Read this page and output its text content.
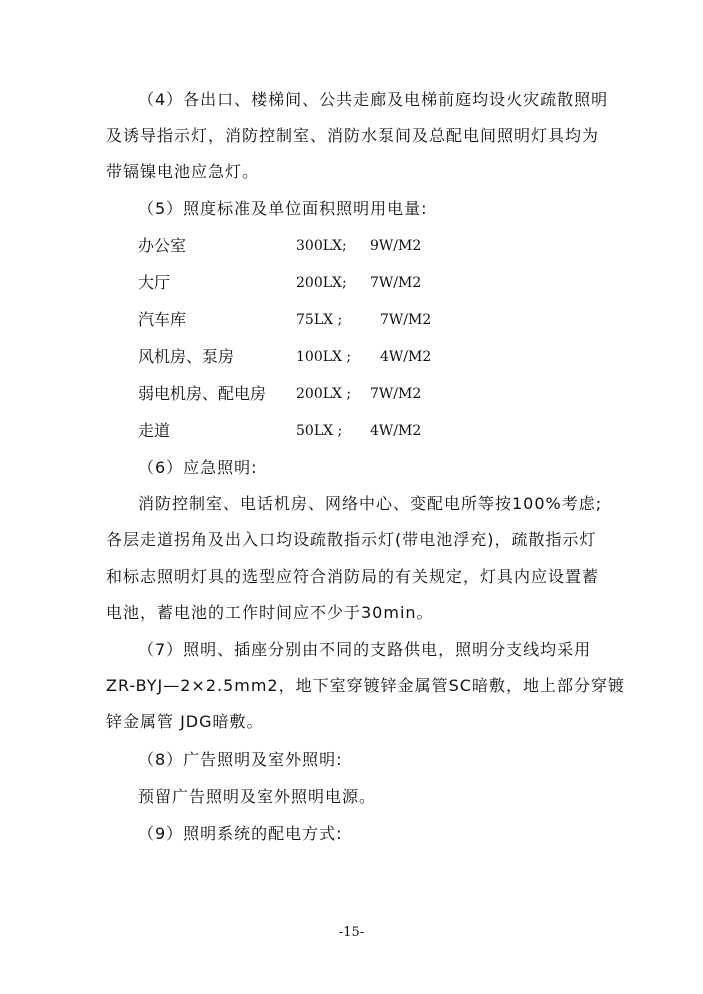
（4）各出口、楼梯间、公共走廊及电梯前庭均设火灾疏散照明
及诱导指示灯，消防控制室、消防水泵间及总配电间照明灯具均为
带镉镍电池应急灯。
（5）照度标准及单位面积照明用电量:
办公室	300LX; 9W/M2
大厅	200LX; 7W/M2
汽车库	75LX ;	7W/M2
风机房、泵房	100LX ; 4W/M2
弱电机房、配电房 200LX ; 7W/M2
走道	50LX ; 4W/M2
（6）应急照明:
消防控制室、电话机房、网络中心、变配电所等按100%考虑;
各层走道拐角及出入口均设疏散指示灯(带电池浮充)，疏散指示灯
和标志照明灯具的选型应符合消防局的有关规定，灯具内应设置蓄
电池，蓄电池的工作时间应不少于30min。
（7）照明、插座分别由不同的支路供电，照明分支线均采用
ZR-BYJ—2×2.5mm2，地下室穿镀锌金属管SC暗敷，地上部分穿镀
锌金属管 JDG暗敷。
（8）广告照明及室外照明:
预留广告照明及室外照明电源。
（9）照明系统的配电方式:
-15-
